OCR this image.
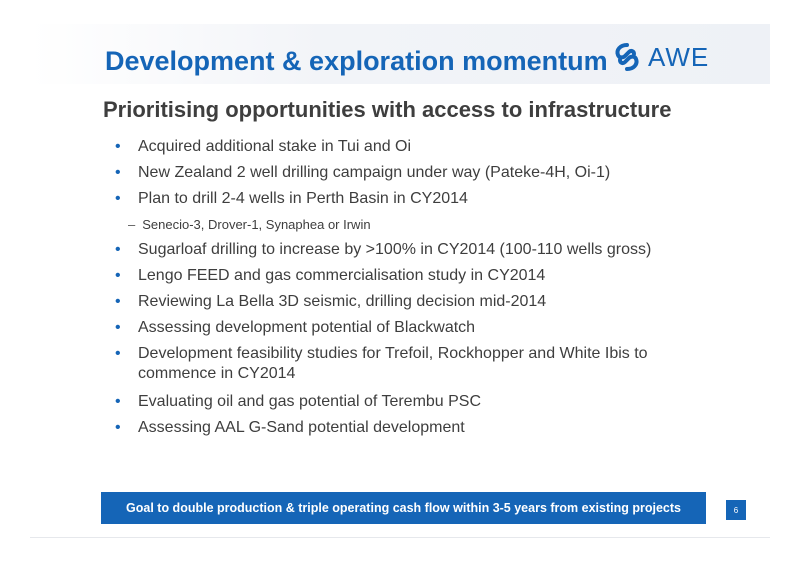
Development & exploration momentum AWE
Prioritising opportunities with access to infrastructure
• Acquired additional stake in Tui and Oi
• New Zealand 2 well drilling campaign under way (Pateke-4H, Oi-1)
• Plan to drill 2-4 wells in Perth Basin in CY2014
– Senecio-3, Drover-1, Synaphea or Irwin
• Sugarloaf drilling to increase by >100% in CY2014 (100-110 wells gross)
• Lengo FEED and gas commercialisation study in CY2014
• Reviewing La Bella 3D seismic, drilling decision mid-2014
• Assessing development potential of Blackwatch
• Development feasibility studies for Trefoil, Rockhopper and White Ibis to
commence in CY2014
• Evaluating oil and gas potential of Terembu PSC
• Assessing AAL G-Sand potential development
Goal to double production & triple operating cash flow within 3-5 years from existing projects	6
